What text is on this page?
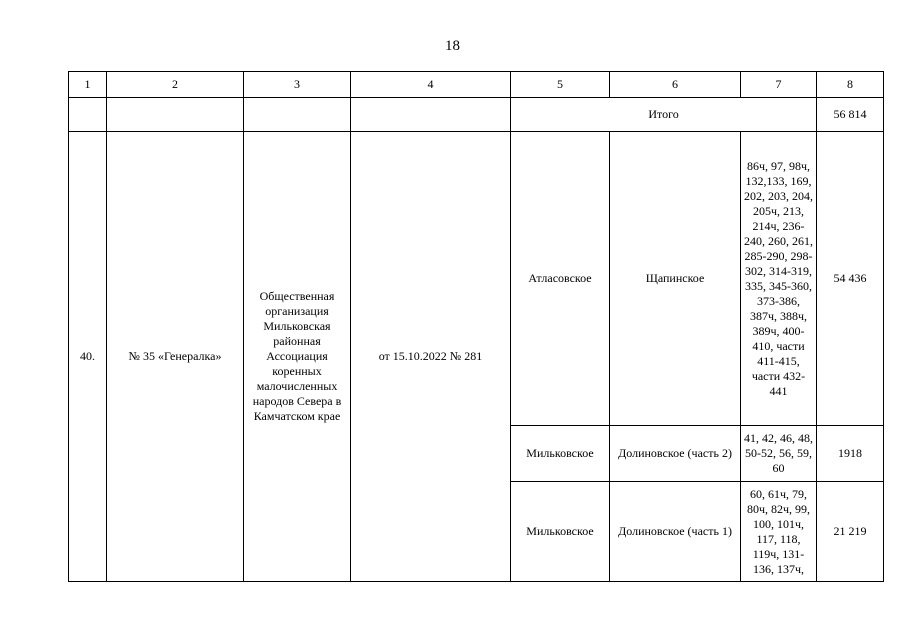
18
1	2	3	4	5	6	7	8
				Итого			56 814
40.	№ 35 «Генералка»	Общественная организация Мильковская районная Ассоциация коренных малочисленных народов Севера в Камчатском крае	от 15.10.2022 № 281	Атласовское	Щапинское	86ч, 97, 98ч, 132,133, 169, 202, 203, 204, 205ч, 213, 214ч, 236-240, 260, 261, 285-290, 298-302, 314-319, 335, 345-360, 373-386, 387ч, 388ч, 389ч, 400-410, части 411-415, части 432-441	54 436
				Мильковское	Долиновское (часть 2)	41, 42, 46, 48, 50-52, 56, 59, 60	1918
				Мильковское	Долиновское (часть 1)	60, 61ч, 79, 80ч, 82ч, 99, 100, 101ч, 117, 118, 119ч, 131-136, 137ч,	21 219
